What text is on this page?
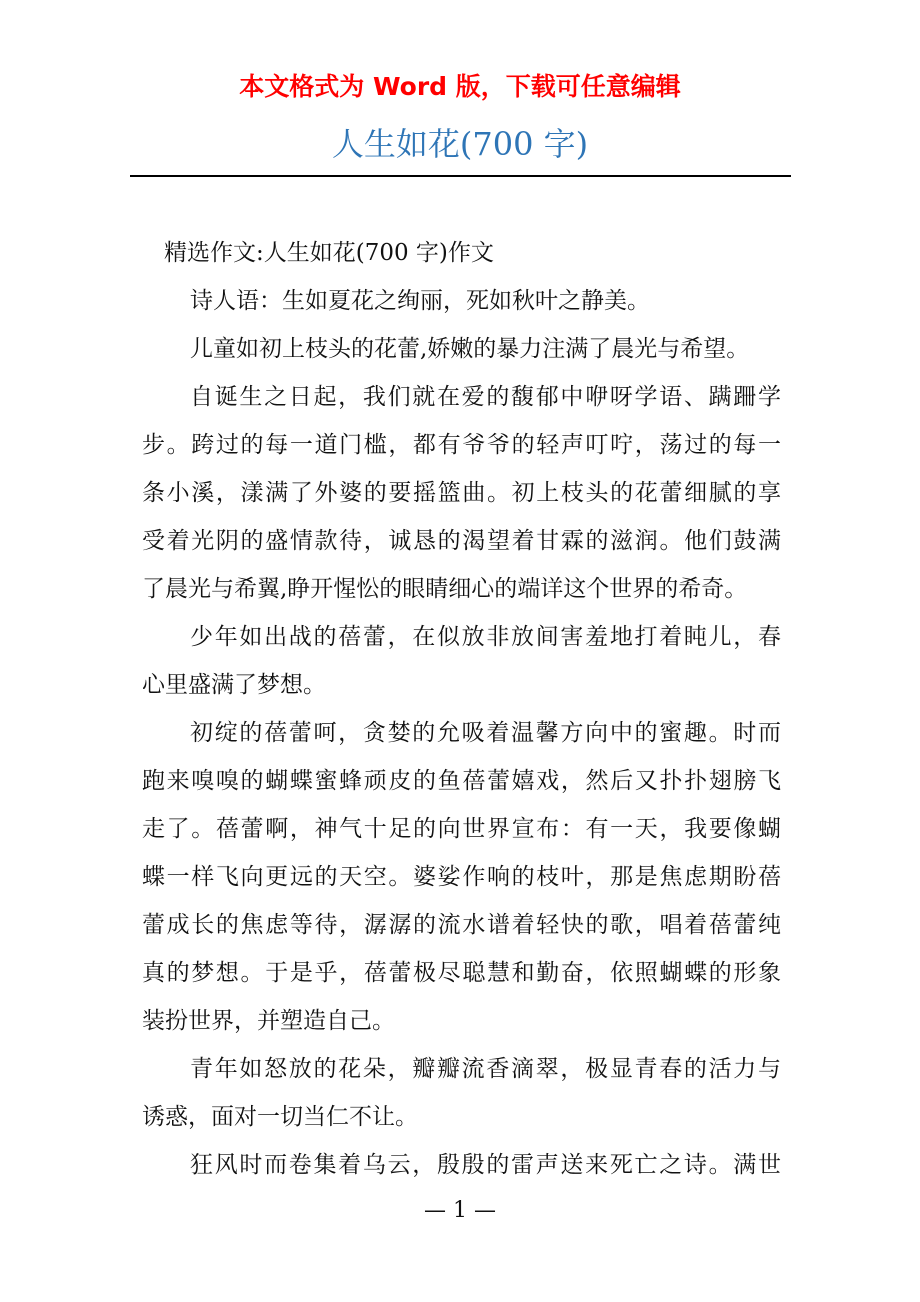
本文格式为 Word 版，下载可任意编辑
人生如花(700 字)
精选作文:人生如花(700 字)作文
诗人语：生如夏花之绚丽，死如秋叶之静美。
儿童如初上枝头的花蕾,娇嫩的暴力注满了晨光与希望。
自诞生之日起，我们就在爱的馥郁中咿呀学语、蹒跚学
步。跨过的每一道门槛，都有爷爷的轻声叮咛，荡过的每一
条小溪，漾满了外婆的要摇篮曲。初上枝头的花蕾细腻的享
受着光阴的盛情款待，诚恳的渴望着甘霖的滋润。他们鼓满
了晨光与希翼,睁开惺忪的眼睛细心的端详这个世界的希奇。
少年如出战的蓓蕾，在似放非放间害羞地打着盹儿，春
心里盛满了梦想。
初绽的蓓蕾呵，贪婪的允吸着温馨方向中的蜜趣。时而
跑来嗅嗅的蝴蝶蜜蜂顽皮的鱼蓓蕾嬉戏，然后又扑扑翅膀飞
走了。蓓蕾啊，神气十足的向世界宣布：有一天，我要像蝴
蝶一样飞向更远的天空。婆娑作响的枝叶，那是焦虑期盼蓓
蕾成长的焦虑等待，潺潺的流水谱着轻快的歌，唱着蓓蕾纯
真的梦想。于是乎，蓓蕾极尽聪慧和勤奋，依照蝴蝶的形象
装扮世界，并塑造自己。
青年如怒放的花朵，瓣瓣流香滴翠，极显青春的活力与
诱惑，面对一切当仁不让。
狂风时而卷集着乌云，殷殷的雷声送来死亡之诗。满世
— 1 —
